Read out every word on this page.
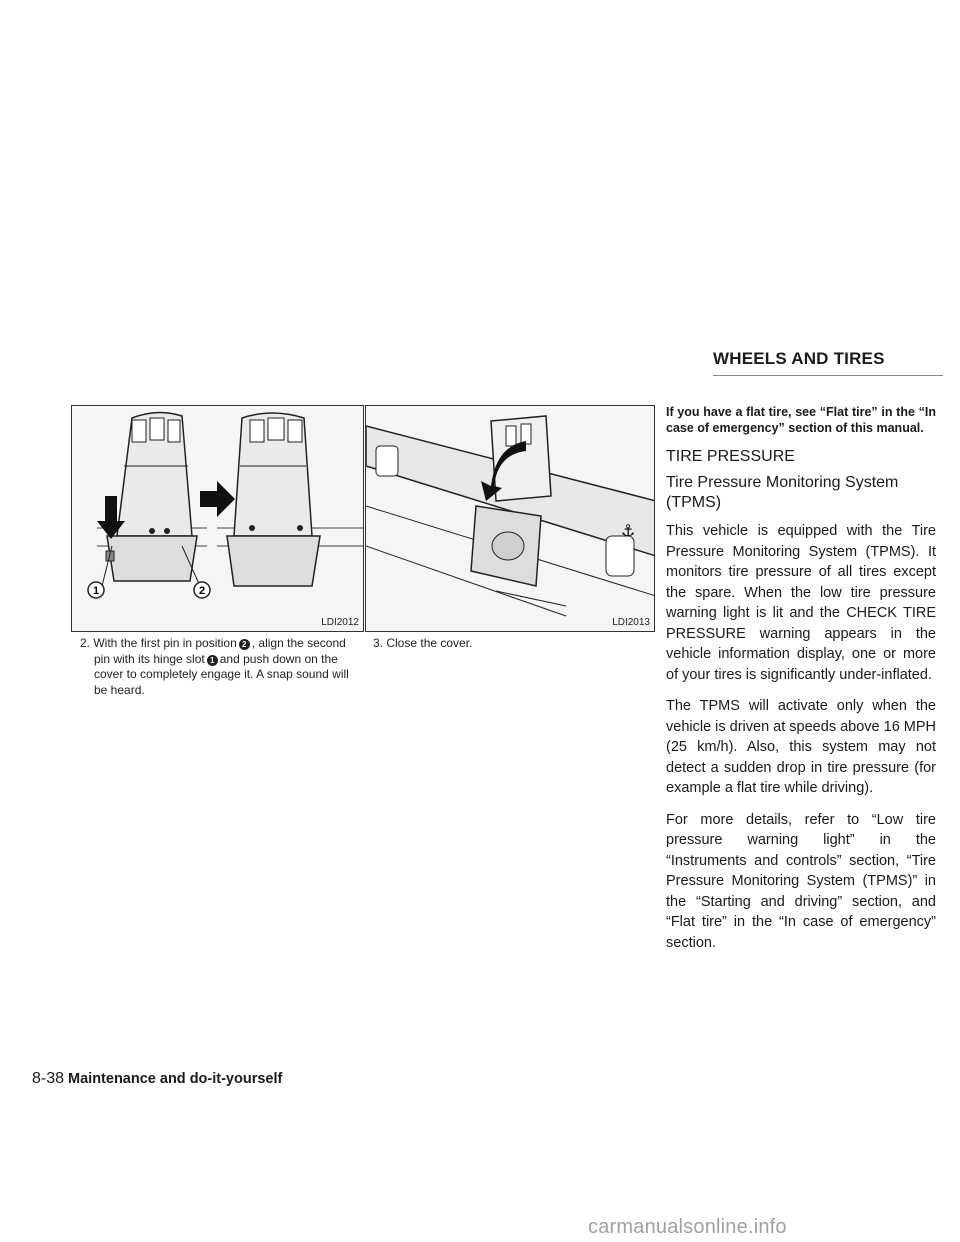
WHEELS AND TIRES
1	2
LDI2012
⚓
LDI2013
2. With the first pin in position 2 , align the second pin with its hinge slot 1 and push down on the cover to completely engage it. A snap sound will be heard.
3. Close the cover.

If you have a flat tire, see “Flat tire” in the “In case of emergency” section of this manual.

TIRE PRESSURE
Tire Pressure Monitoring System (TPMS)

This vehicle is equipped with the Tire Pressure Monitoring System (TPMS). It monitors tire pressure of all tires except the spare. When the low tire pressure warning light is lit and the CHECK TIRE PRESSURE warning appears in the vehicle information display, one or more of your tires is significantly under-inflated.

The TPMS will activate only when the vehicle is driven at speeds above 16 MPH (25 km/h). Also, this system may not detect a sudden drop in tire pressure (for example a flat tire while driving).

For more details, refer to “Low tire pressure warning light” in the “Instruments and controls” section, “Tire Pressure Monitoring System (TPMS)” in the “Starting and driving” section, and “Flat tire” in the “In case of emergency” section.

8-38 Maintenance and do-it-yourself
carmanualsonline.info
